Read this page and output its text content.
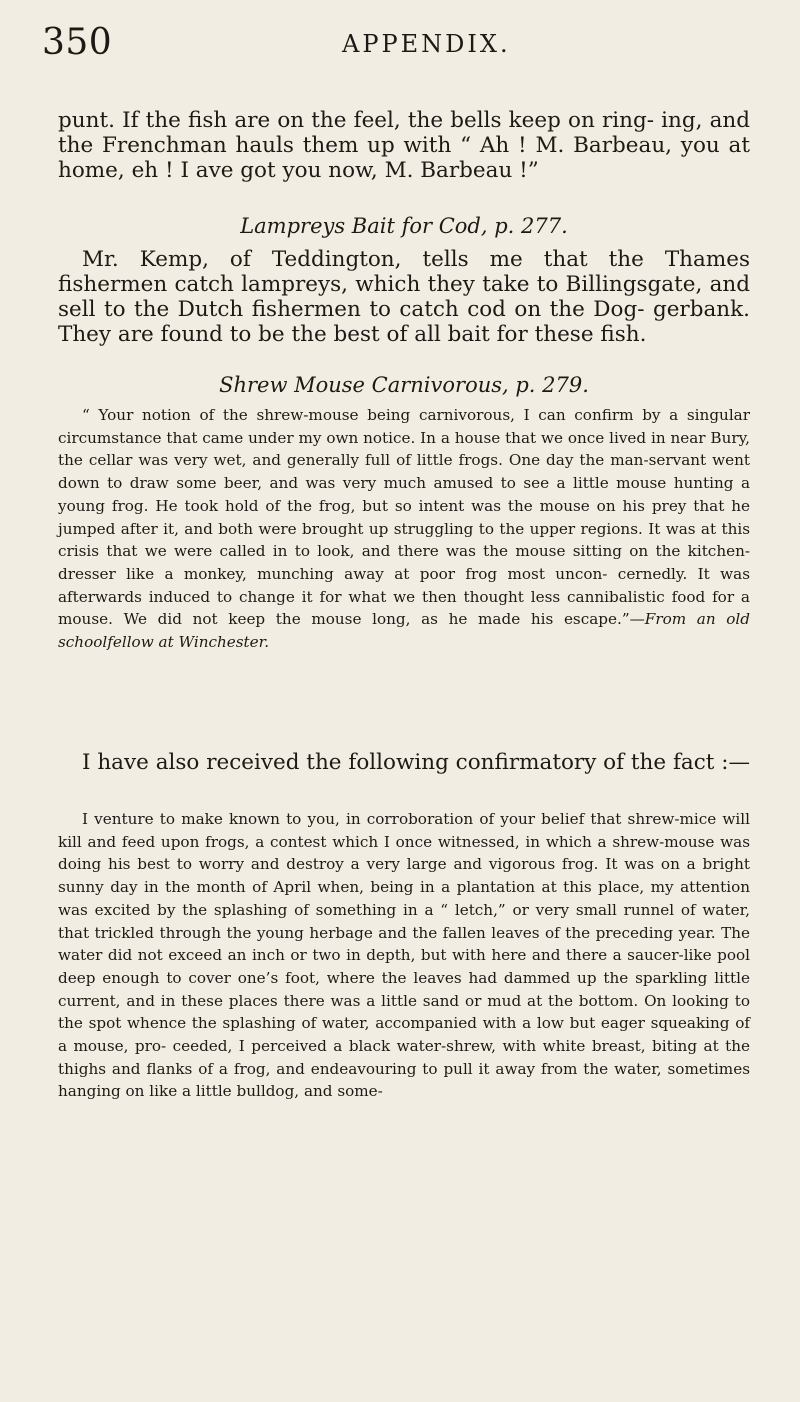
350	APPENDIX.

punt. If the fish are on the feel, the bells keep on ring- ing, and the Frenchman hauls them up with “ Ah ! M. Barbeau, you at home, eh ! I ave got you now, M. Barbeau !”

Lampreys Bait for Cod, p. 277.

Mr. Kemp, of Teddington, tells me that the Thames fishermen catch lampreys, which they take to Billingsgate, and sell to the Dutch fishermen to catch cod on the Dog- gerbank. They are found to be the best of all bait for these fish.

Shrew Mouse Carnivorous, p. 279.

“ Your notion of the shrew-mouse being carnivorous, I can confirm by a singular circumstance that came under my own notice. In a house that we once lived in near Bury, the cellar was very wet, and generally full of little frogs. One day the man-servant went down to draw some beer, and was very much amused to see a little mouse hunting a young frog. He took hold of the frog, but so intent was the mouse on his prey that he jumped after it, and both were brought up struggling to the upper regions. It was at this crisis that we were called in to look, and there was the mouse sitting on the kitchen- dresser like a monkey, munching away at poor frog most uncon- cernedly. It was afterwards induced to change it for what we then thought less cannibalistic food for a mouse. We did not keep the mouse long, as he made his escape.”—From an old schoolfellow at Winchester.

I have also received the following confirmatory of the fact :—

I venture to make known to you, in corroboration of your belief that shrew-mice will kill and feed upon frogs, a contest which I once witnessed, in which a shrew-mouse was doing his best to worry and destroy a very large and vigorous frog. It was on a bright sunny day in the month of April when, being in a plantation at this place, my attention was excited by the splashing of something in a “ letch,” or very small runnel of water, that trickled through the young herbage and the fallen leaves of the preceding year. The water did not exceed an inch or two in depth, but with here and there a saucer-like pool deep enough to cover one’s foot, where the leaves had dammed up the sparkling little current, and in these places there was a little sand or mud at the bottom. On looking to the spot whence the splashing of water, accompanied with a low but eager squeaking of a mouse, pro- ceeded, I perceived a black water-shrew, with white breast, biting at the thighs and flanks of a frog, and endeavouring to pull it away from the water, sometimes hanging on like a little bulldog, and some-
